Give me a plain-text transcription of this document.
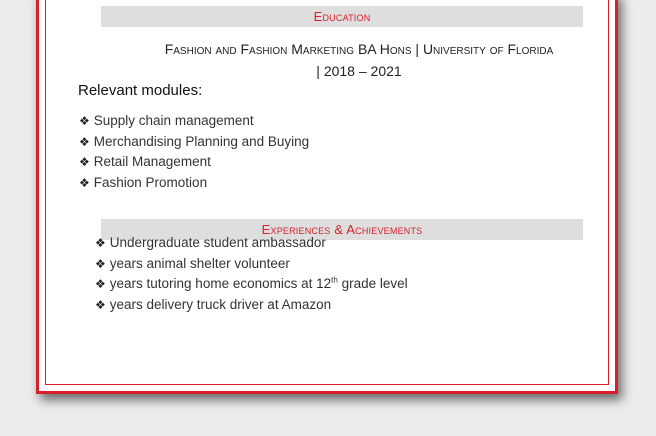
Education
Fashion and Fashion Marketing BA Hons | University of Florida
| 2018 – 2021
Relevant modules:
❖ Supply chain management
❖ Merchandising Planning and Buying
❖ Retail Management
❖ Fashion Promotion
Experiences & Achievements
❖ Undergraduate student ambassador
❖ years animal shelter volunteer
❖ years tutoring home economics at 12th grade level
❖ years delivery truck driver at Amazon
